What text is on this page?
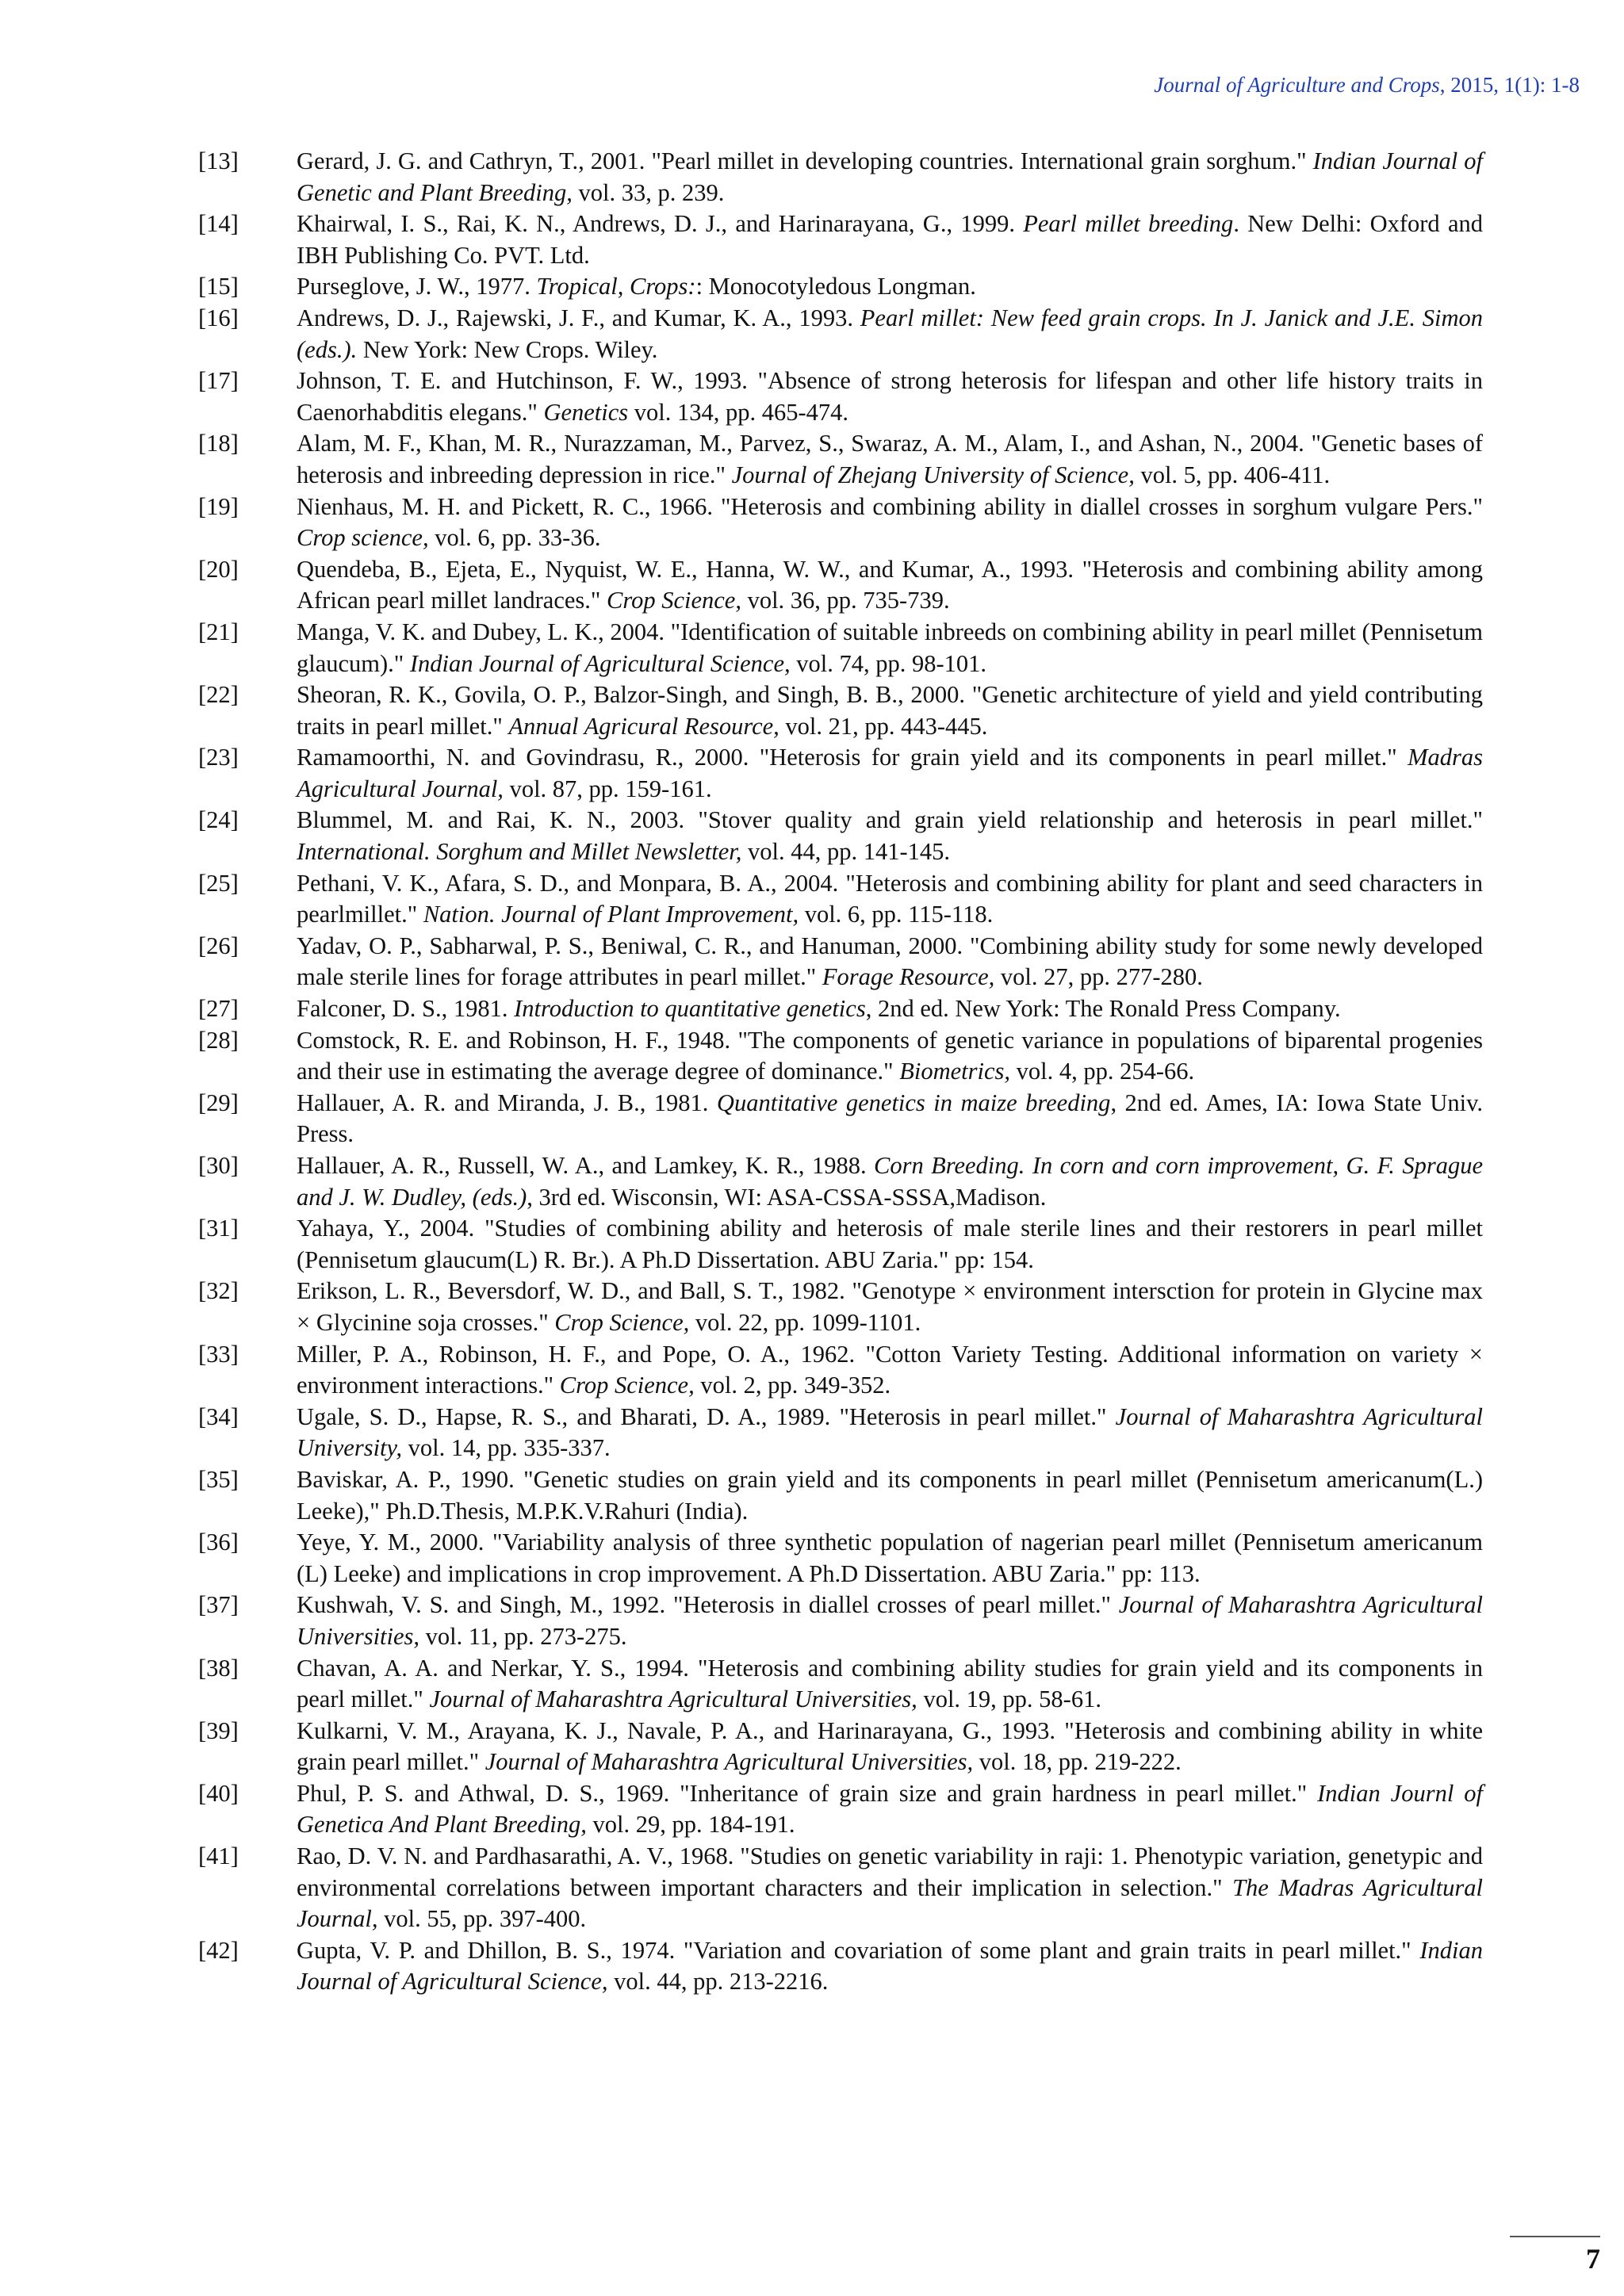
Journal of Agriculture and Crops, 2015, 1(1): 1-8
[13]	Gerard, J. G. and Cathryn, T., 2001. "Pearl millet in developing countries. International grain sorghum." Indian Journal of Genetic and Plant Breeding, vol. 33, p. 239.
[14]	Khairwal, I. S., Rai, K. N., Andrews, D. J., and Harinarayana, G., 1999. Pearl millet breeding. New Delhi: Oxford and IBH Publishing Co. PVT. Ltd.
[15]	Purseglove, J. W., 1977. Tropical, Crops:: Monocotyledous Longman.
[16]	Andrews, D. J., Rajewski, J. F., and Kumar, K. A., 1993. Pearl millet: New feed grain crops. In J. Janick and J.E. Simon (eds.). New York: New Crops. Wiley.
[17]	Johnson, T. E. and Hutchinson, F. W., 1993. "Absence of strong heterosis for lifespan and other life history traits in Caenorhabditis elegans." Genetics vol. 134, pp. 465-474.
[18]	Alam, M. F., Khan, M. R., Nurazzaman, M., Parvez, S., Swaraz, A. M., Alam, I., and Ashan, N., 2004. "Genetic bases of heterosis and inbreeding depression in rice." Journal of Zhejang University of Science, vol. 5, pp. 406-411.
[19]	Nienhaus, M. H. and Pickett, R. C., 1966. "Heterosis and combining ability in diallel crosses in sorghum vulgare Pers." Crop science, vol. 6, pp. 33-36.
[20]	Quendeba, B., Ejeta, E., Nyquist, W. E., Hanna, W. W., and Kumar, A., 1993. "Heterosis and combining ability among African pearl millet landraces." Crop Science, vol. 36, pp. 735-739.
[21]	Manga, V. K. and Dubey, L. K., 2004. "Identification of suitable inbreeds on combining ability in pearl millet (Pennisetum glaucum)." Indian Journal of Agricultural Science, vol. 74, pp. 98-101.
[22]	Sheoran, R. K., Govila, O. P., Balzor-Singh, and Singh, B. B., 2000. "Genetic architecture of yield and yield contributing traits in pearl millet." Annual Agricural Resource, vol. 21, pp. 443-445.
[23]	Ramamoorthi, N. and Govindrasu, R., 2000. "Heterosis for grain yield and its components in pearl millet." Madras Agricultural Journal, vol. 87, pp. 159-161.
[24]	Blummel, M. and Rai, K. N., 2003. "Stover quality and grain yield relationship and heterosis in pearl millet." International. Sorghum and Millet Newsletter, vol. 44, pp. 141-145.
[25]	Pethani, V. K., Afara, S. D., and Monpara, B. A., 2004. "Heterosis and combining ability for plant and seed characters in pearlmillet." Nation. Journal of Plant Improvement, vol. 6, pp. 115-118.
[26]	Yadav, O. P., Sabharwal, P. S., Beniwal, C. R., and Hanuman, 2000. "Combining ability study for some newly developed male sterile lines for forage attributes in pearl millet." Forage Resource, vol. 27, pp. 277-280.
[27]	Falconer, D. S., 1981. Introduction to quantitative genetics, 2nd ed. New York: The Ronald Press Company.
[28]	Comstock, R. E. and Robinson, H. F., 1948. "The components of genetic variance in populations of biparental progenies and their use in estimating the average degree of dominance." Biometrics, vol. 4, pp. 254-66.
[29]	Hallauer, A. R. and Miranda, J. B., 1981. Quantitative genetics in maize breeding, 2nd ed. Ames, IA: Iowa State Univ. Press.
[30]	Hallauer, A. R., Russell, W. A., and Lamkey, K. R., 1988. Corn Breeding. In corn and corn improvement, G. F. Sprague and J. W. Dudley, (eds.), 3rd ed. Wisconsin, WI: ASA-CSSA-SSSA,Madison.
[31]	Yahaya, Y., 2004. "Studies of combining ability and heterosis of male sterile lines and their restorers in pearl millet (Pennisetum glaucum(L) R. Br.). A Ph.D Dissertation. ABU Zaria." pp: 154.
[32]	Erikson, L. R., Beversdorf, W. D., and Ball, S. T., 1982. "Genotype × environment intersction for protein in Glycine max × Glycinine soja crosses." Crop Science, vol. 22, pp. 1099-1101.
[33]	Miller, P. A., Robinson, H. F., and Pope, O. A., 1962. "Cotton Variety Testing. Additional information on variety × environment interactions." Crop Science, vol. 2, pp. 349-352.
[34]	Ugale, S. D., Hapse, R. S., and Bharati, D. A., 1989. "Heterosis in pearl millet." Journal of Maharashtra Agricultural University, vol. 14, pp. 335-337.
[35]	Baviskar, A. P., 1990. "Genetic studies on grain yield and its components in pearl millet (Pennisetum americanum(L.) Leeke)," Ph.D.Thesis, M.P.K.V.Rahuri (India).
[36]	Yeye, Y. M., 2000. "Variability analysis of three synthetic population of nagerian pearl millet (Pennisetum americanum (L) Leeke) and implications in crop improvement. A Ph.D Dissertation. ABU Zaria." pp: 113.
[37]	Kushwah, V. S. and Singh, M., 1992. "Heterosis in diallel crosses of pearl millet." Journal of Maharashtra Agricultural Universities, vol. 11, pp. 273-275.
[38]	Chavan, A. A. and Nerkar, Y. S., 1994. "Heterosis and combining ability studies for grain yield and its components in pearl millet." Journal of Maharashtra Agricultural Universities, vol. 19, pp. 58-61.
[39]	Kulkarni, V. M., Arayana, K. J., Navale, P. A., and Harinarayana, G., 1993. "Heterosis and combining ability in white grain pearl millet." Journal of Maharashtra Agricultural Universities, vol. 18, pp. 219-222.
[40]	Phul, P. S. and Athwal, D. S., 1969. "Inheritance of grain size and grain hardness in pearl millet." Indian Journl of Genetica And Plant Breeding, vol. 29, pp. 184-191.
[41]	Rao, D. V. N. and Pardhasarathi, A. V., 1968. "Studies on genetic variability in raji: 1. Phenotypic variation, genetypic and environmental correlations between important characters and their implication in selection." The Madras Agricultural Journal, vol. 55, pp. 397-400.
[42]	Gupta, V. P. and Dhillon, B. S., 1974. "Variation and covariation of some plant and grain traits in pearl millet." Indian Journal of Agricultural Science, vol. 44, pp. 213-2216.
7
